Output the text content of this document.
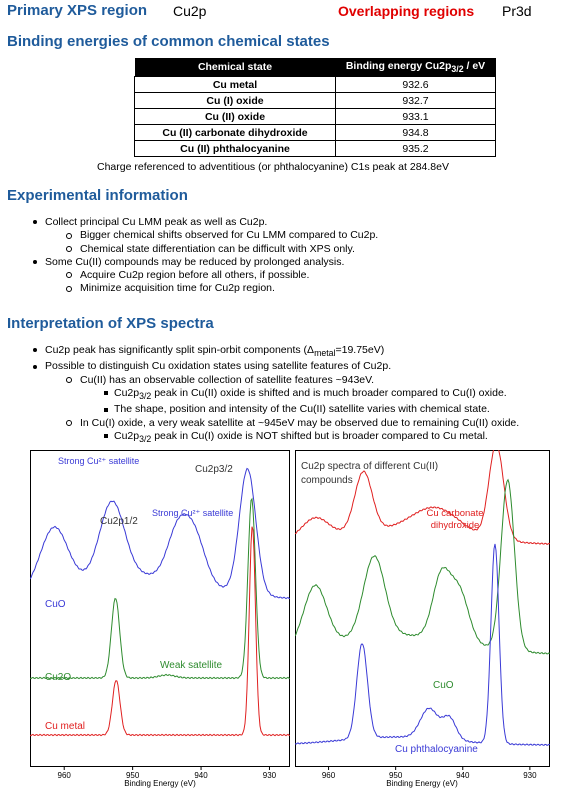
Primary XPS region Cu2p	Overlapping regions Pr3d
Binding energies of common chemical states
Chemical state	Binding energy $Cu2p_{3/2}$ / eV
Cu metal	932.6
Cu (I) oxide	932.7
Cu (II) oxide	933.1
Cu (II) carbonate dihydroxide	934.8
Cu (II) phthalocyanine	935.2
Charge referenced to adventitious (or phthalocyanine) C1s peak at 284.8eV
Experimental information
Collect principal Cu LMM peak as well as Cu2p.
Bigger chemical shifts observed for Cu LMM compared to Cu2p.
Chemical state differentiation can be difficult with XPS only.
Some Cu(II) compounds may be reduced by prolonged analysis.
Acquire Cu2p region before all others, if possible.
Minimize acquisition time for Cu2p region.
Interpretation of XPS spectra
Cu2p peak has significantly split spin-orbit components $(\Delta_{metal}=19.75eV)$
Possible to distinguish Cu oxidation states using satellite features of Cu2p.
Cu(II) has an observable collection of satellite features ~943eV.
$Cu2p_{3/2}$ peak in Cu(II) oxide is shifted and is much broader compared to Cu(I) oxide.
The shape, position and intensity of the Cu(II) satellite varies with chemical state.
In Cu(I) oxide, a very weak satellite at ~945eV may be observed due to remaining Cu(II) oxide.
$Cu2p_{3/2}$ peak in Cu(I) oxide is NOT shifted but is broader compared to Cu metal.
960	950	940	930
Binding Energy (eV)
Strong Cu²⁺ satellite
Cu2p1/2
Strong Cu²⁺ satellite
Cu2p3/2
Weak satellite
CuO
Cu2O
Cu metal
960	950	940	930
Binding Energy (eV)
Cu2p spectra of different Cu(II) compounds
Cu carbonate dihydroxide
CuO
Cu phthalocyanine
